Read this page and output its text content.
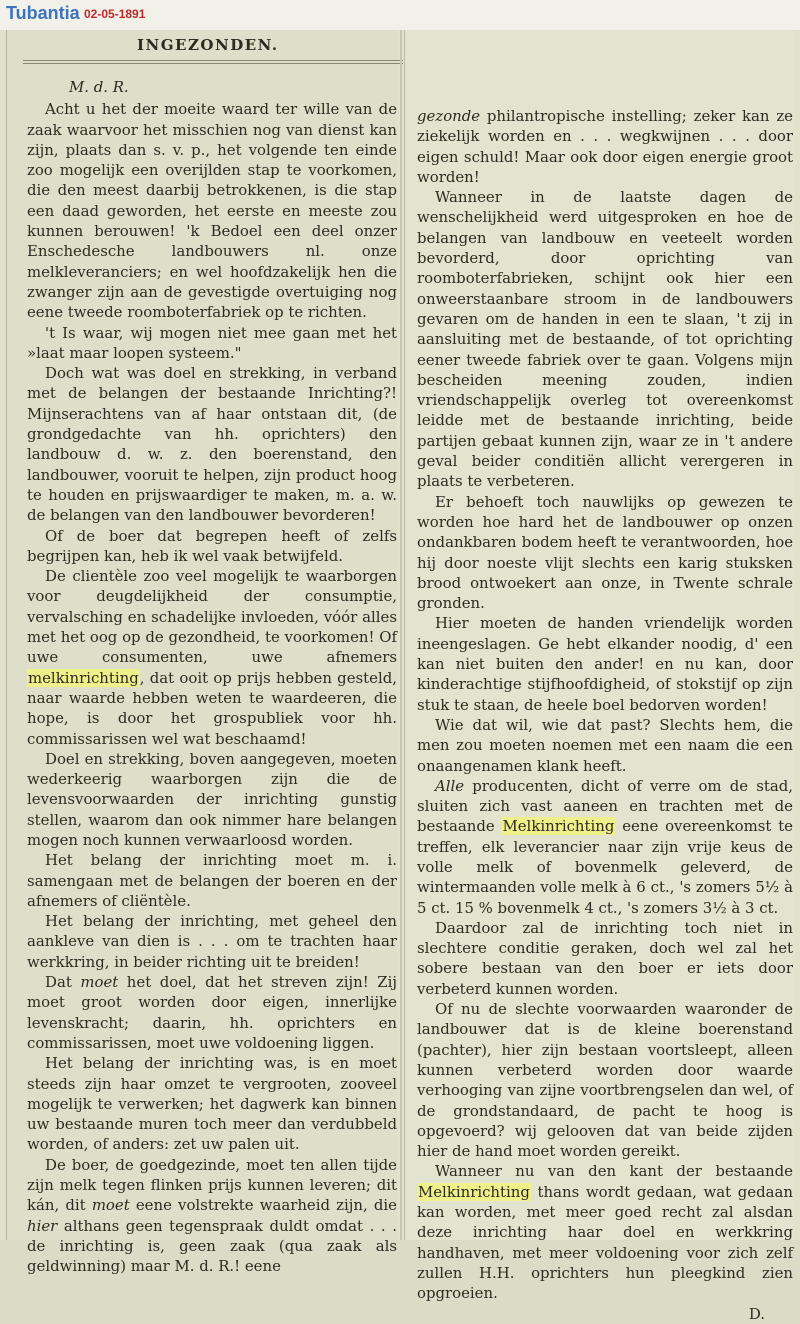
Tubantia 02-05-1891
INGEZONDEN.
M. d. R.

Acht u het der moeite waard ter wille van de zaak waarvoor het misschien nog van dienst kan zijn, plaats dan s. v. p., het volgende ten einde zoo mogelijk een overijlden stap te voorkomen, die den meest daarbij betrokkenen, is die stap een daad geworden, het eerste en meeste zou kunnen berouwen! 'k Bedoel een deel onzer Enschedesche landbouwers nl. onze melkleveranciers; en wel hoofdzakelijk hen die zwanger zijn aan de gevestigde overtuiging nog eene tweede roomboterfabriek op te richten.

't Is waar, wij mogen niet mee gaan met het »laat maar loopen systeem."

Doch wat was doel en strekking, in verband met de belangen der bestaande Inrichting?! Mijnserachtens van af haar ontstaan dit, (de grondgedachte van hh. oprichters) den landbouw d. w. z. den boerenstand, den landbouwer, vooruit te helpen, zijn product hoog te houden en prijswaardiger te maken, m. a. w. de belangen van den landbouwer bevorderen!

Of de boer dat begrepen heeft of zelfs begrijpen kan, heb ik wel vaak betwijfeld.

De clientèle zoo veel mogelijk te waarborgen voor deugdelijkheid der consumptie, vervalsching en schadelijke invloeden, vóór alles met het oog op de gezondheid, te voorkomen! Of uwe consumenten, uwe afnemers melkinrichting, dat ooit op prijs hebben gesteld, naar waarde hebben weten te waardeeren, die hope, is door het grospubliek voor hh. commissarissen wel wat beschaamd!

Doel en strekking, boven aangegeven, moeten wederkeerig waarborgen zijn die de levensvoorwaarden der inrichting gunstig stellen, waarom dan ook nimmer hare belangen mogen noch kunnen verwaarloosd worden.

Het belang der inrichting moet m. i. samengaan met de belangen der boeren en der afnemers of cliëntèle.

Het belang der inrichting, met geheel den aankleve van dien is . . . om te trachten haar werkkring, in beider richting uit te breiden!

Dat moet het doel, dat het streven zijn! Zij moet groot worden door eigen, innerlijke levenskracht; daarin, hh. oprichters en commissarissen, moet uwe voldoening liggen.

Het belang der inrichting was, is en moet steeds zijn haar omzet te vergrooten, zooveel mogelijk te verwerken; het dagwerk kan binnen uw bestaande muren toch meer dan verdubbeld worden, of anders: zet uw palen uit.

De boer, de goedgezinde, moet ten allen tijde zijn melk tegen flinken prijs kunnen leveren; dit kán, dit moet eene volstrekte waarheid zijn, die hier althans geen tegenspraak duldt omdat . . . de inrichting is, geen zaak (qua zaak als geldwinning) maar M. d. R.! eene

gezonde philantropische instelling; zeker kan ze ziekelijk worden en . . . wegkwijnen . . . door eigen schuld! Maar ook door eigen energie groot worden!

Wanneer in de laatste dagen de wenschelijkheid werd uitgesproken en hoe de belangen van landbouw en veeteelt worden bevorderd, door oprichting van roomboterfabrieken, schijnt ook hier een onweerstaanbare stroom in de landbouwers gevaren om de handen in een te slaan, 't zij in aansluiting met de bestaande, of tot oprichting eener tweede fabriek over te gaan. Volgens mijn bescheiden meening zouden, indien vriendschappelijk overleg tot overeenkomst leidde met de bestaande inrichting, beide partijen gebaat kunnen zijn, waar ze in 't andere geval beider conditiën allicht verergeren in plaats te verbeteren.

Er behoeft toch nauwlijks op gewezen te worden hoe hard het de landbouwer op onzen ondankbaren bodem heeft te verantwoorden, hoe hij door noeste vlijt slechts een karig stuksken brood ontwoekert aan onze, in Twente schrale gronden.

Hier moeten de handen vriendelijk worden ineengeslagen. Ge hebt elkander noodig, d' een kan niet buiten den ander! en nu kan, door kinderachtige stijfhoofdigheid, of stokstijf op zijn stuk te staan, de heele boel bedorven worden!

Wie dat wil, wie dat past? Slechts hem, die men zou moeten noemen met een naam die een onaangenamen klank heeft.

Alle producenten, dicht of verre om de stad, sluiten zich vast aaneen en trachten met de bestaande Melkinrichting eene overeenkomst te treffen, elk leverancier naar zijn vrije keus de volle melk of bovenmelk geleverd, de wintermaanden volle melk à 6 ct., 's zomers 5½ à 5 ct. 15 % bovenmelk 4 ct., 's zomers 3½ à 3 ct.

Daardoor zal de inrichting toch niet in slechtere conditie geraken, doch wel zal het sobere bestaan van den boer er iets door verbeterd kunnen worden.

Of nu de slechte voorwaarden waaronder de landbouwer dat is de kleine boerenstand (pachter), hier zijn bestaan voortsleept, alleen kunnen verbeterd worden door waarde verhooging van zijne voortbrengselen dan wel, of de grondstandaard, de pacht te hoog is opgevoerd? wij gelooven dat van beide zijden hier de hand moet worden gereikt.

Wanneer nu van den kant der bestaande Melkinrichting thans wordt gedaan, wat gedaan kan worden, met meer goed recht zal alsdan deze inrichting haar doel en werkkring handhaven, met meer voldoening voor zich zelf zullen H.H. oprichters hun pleegkind zien opgroeien.

D.
